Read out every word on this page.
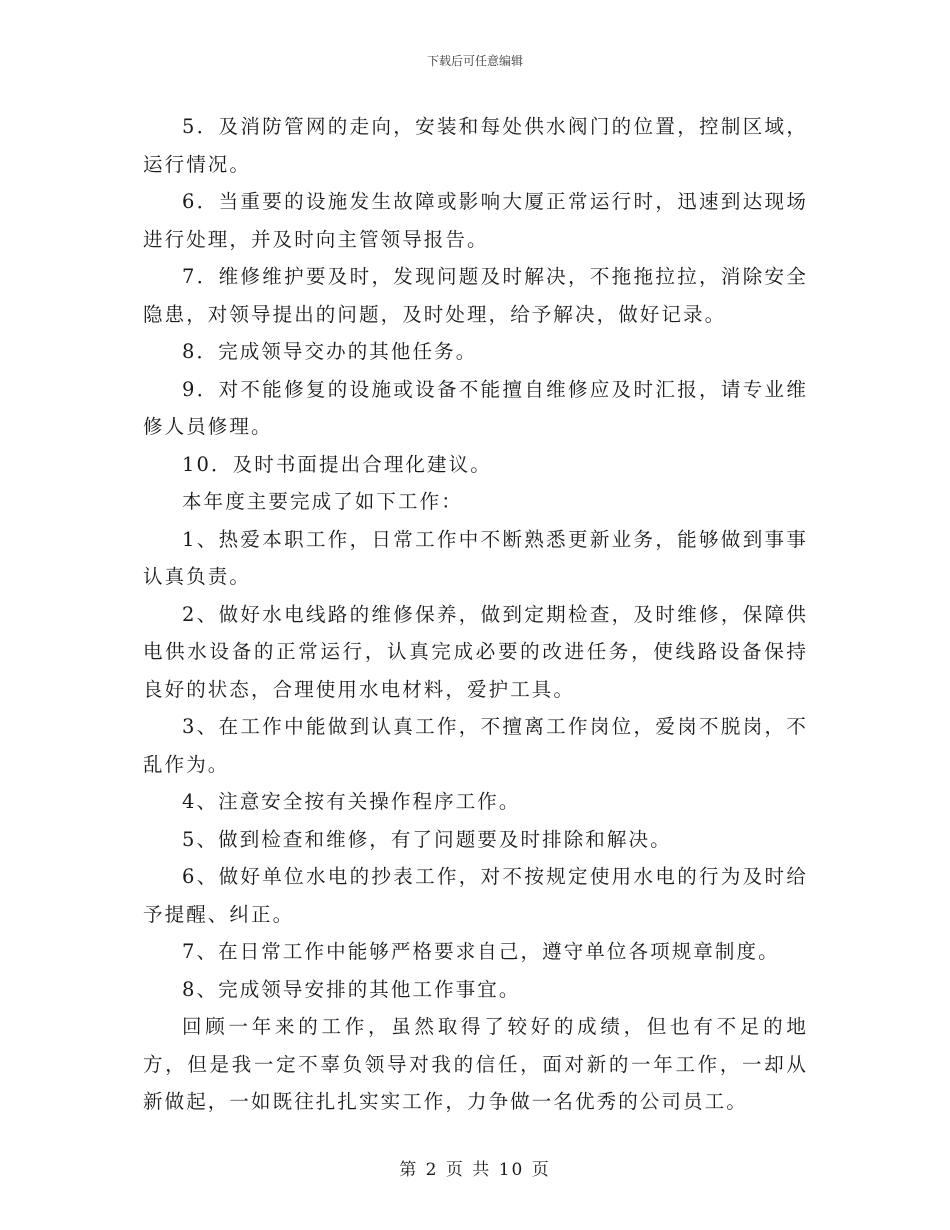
下载后可任意编辑

5．及消防管网的走向，安装和每处供水阀门的位置，控制区域，运行情况。

6．当重要的设施发生故障或影响大厦正常运行时，迅速到达现场进行处理，并及时向主管领导报告。

7．维修维护要及时，发现问题及时解决，不拖拖拉拉，消除安全隐患，对领导提出的问题，及时处理，给予解决，做好记录。

8．完成领导交办的其他任务。

9．对不能修复的设施或设备不能擅自维修应及时汇报，请专业维修人员修理。

10．及时书面提出合理化建议。

本年度主要完成了如下工作：

1、热爱本职工作，日常工作中不断熟悉更新业务，能够做到事事认真负责。

2、做好水电线路的维修保养，做到定期检查，及时维修，保障供电供水设备的正常运行，认真完成必要的改进任务，使线路设备保持良好的状态，合理使用水电材料，爱护工具。

3、在工作中能做到认真工作，不擅离工作岗位，爱岗不脱岗，不乱作为。

4、注意安全按有关操作程序工作。

5、做到检查和维修，有了问题要及时排除和解决。

6、做好单位水电的抄表工作，对不按规定使用水电的行为及时给予提醒、纠正。

7、在日常工作中能够严格要求自己，遵守单位各项规章制度。

8、完成领导安排的其他工作事宜。

回顾一年来的工作，虽然取得了较好的成绩，但也有不足的地方，但是我一定不辜负领导对我的信任，面对新的一年工作，一却从新做起，一如既往扎扎实实工作，力争做一名优秀的公司员工。

第 2 页 共 10 页
